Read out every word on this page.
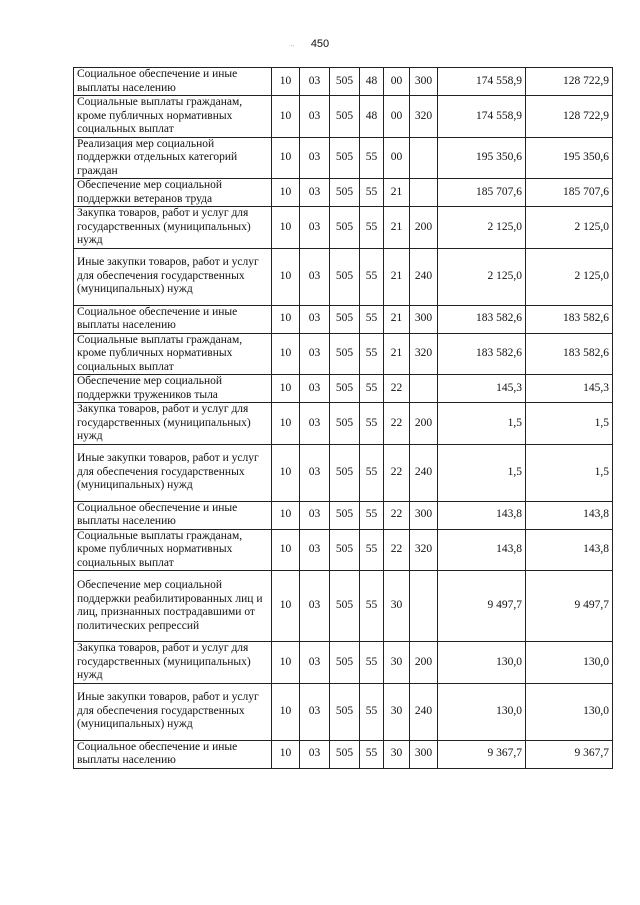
450
·-‹
Социальное обеспечение и иные выплаты населению	10	03	505	48	00	300	174 558,9	128 722,9
Социальные выплаты гражданам, кроме публичных нормативных социальных выплат	10	03	505	48	00	320	174 558,9	128 722,9
Реализация мер социальной поддержки отдельных категорий граждан	10	03	505	55	00		195 350,6	195 350,6
Обеспечение мер социальной поддержки ветеранов труда	10	03	505	55	21		185 707,6	185 707,6
Закупка товаров, работ и услуг для государственных (муниципальных) нужд	10	03	505	55	21	200	2 125,0	2 125,0
Иные закупки товаров, работ и услуг для обеспечения государственных (муниципальных) нужд	10	03	505	55	21	240	2 125,0	2 125,0
Социальное обеспечение и иные выплаты населению	10	03	505	55	21	300	183 582,6	183 582,6
Социальные выплаты гражданам, кроме публичных нормативных социальных выплат	10	03	505	55	21	320	183 582,6	183 582,6
Обеспечение мер социальной поддержки тружеников тыла	10	03	505	55	22		145,3	145,3
Закупка товаров, работ и услуг для государственных (муниципальных) нужд	10	03	505	55	22	200	1,5	1,5
Иные закупки товаров, работ и услуг для обеспечения государственных (муниципальных) нужд	10	03	505	55	22	240	1,5	1,5
Социальное обеспечение и иные выплаты населению	10	03	505	55	22	300	143,8	143,8
Социальные выплаты гражданам, кроме публичных нормативных социальных выплат	10	03	505	55	22	320	143,8	143,8
Обеспечение мер социальной поддержки реабилитированных лиц и лиц, признанных пострадавшими от политических репрессий	10	03	505	55	30		9 497,7	9 497,7
Закупка товаров, работ и услуг для государственных (муниципальных) нужд	10	03	505	55	30	200	130,0	130,0
Иные закупки товаров, работ и услуг для обеспечения государственных (муниципальных) нужд	10	03	505	55	30	240	130,0	130,0
Социальное обеспечение и иные выплаты населению	10	03	505	55	30	300	9 367,7	9 367,7
